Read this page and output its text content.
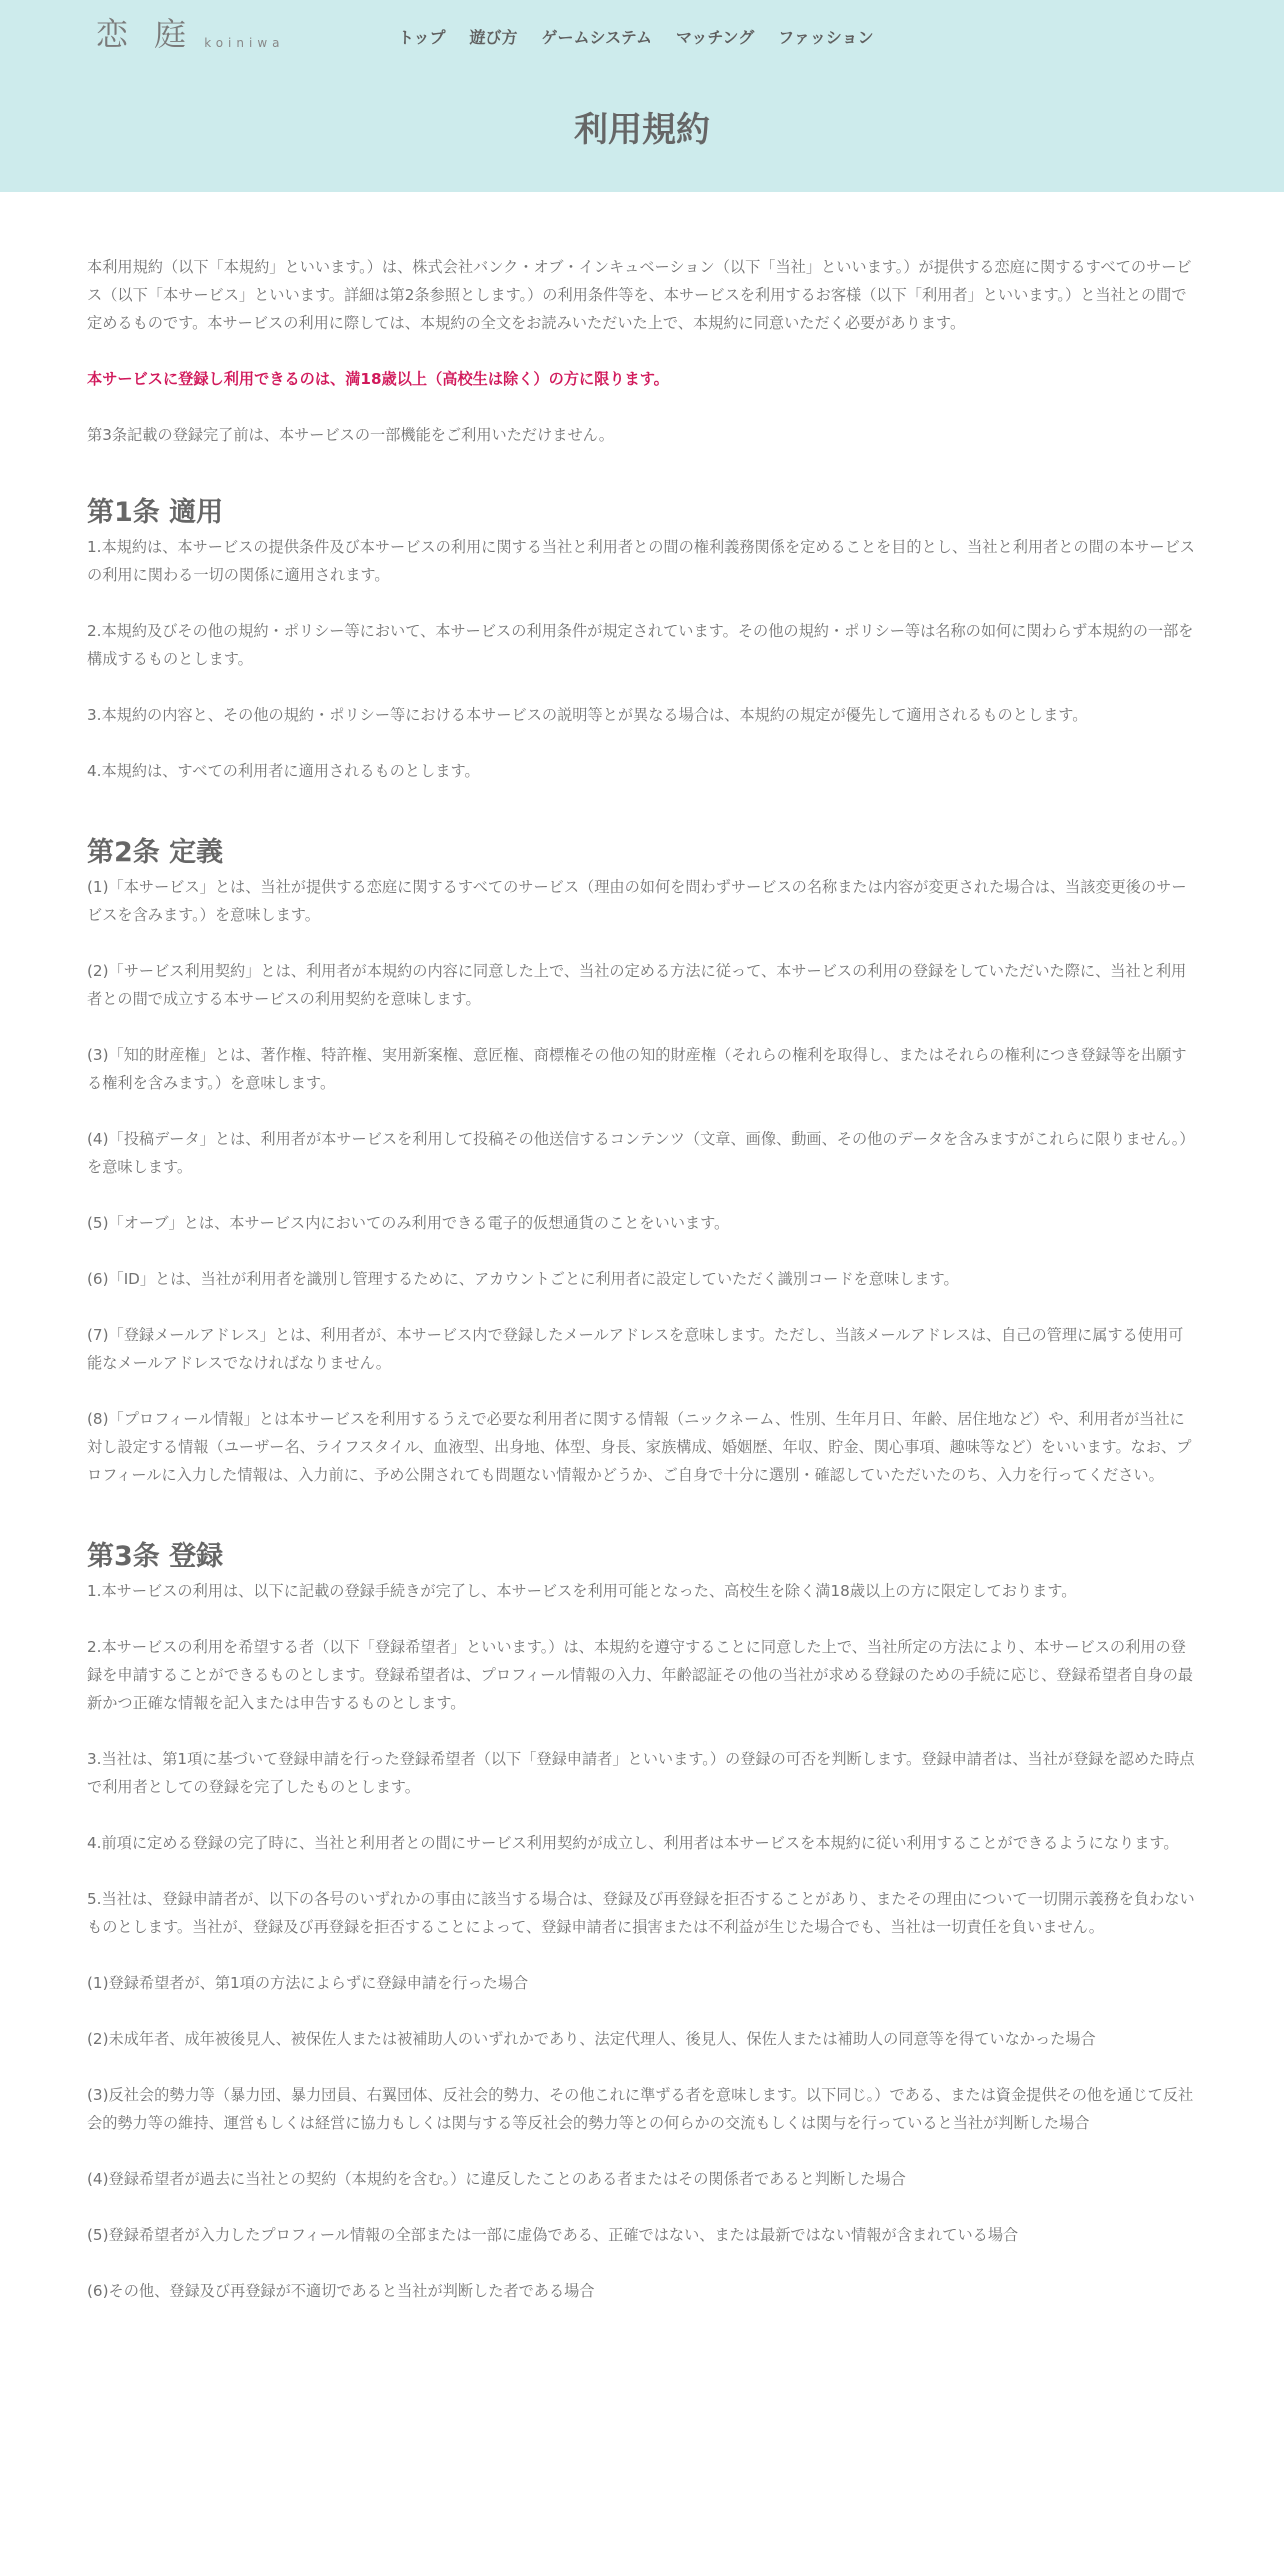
恋 庭 koiniwa	トップ 遊び方 ゲームシステム マッチング ファッション
利用規約

本利用規約（以下「本規約」といいます。）は、株式会社バンク・オブ・インキュベーション（以下「当社」といいます。）が提供する恋庭に関するすべてのサービス（以下「本サービス」といいます。詳細は第2条参照とします。）の利用条件等を、本サービスを利用するお客様（以下「利用者」といいます。）と当社との間で定めるものです。本サービスの利用に際しては、本規約の全文をお読みいただいた上で、本規約に同意いただく必要があります。

本サービスに登録し利用できるのは、満18歳以上（高校生は除く）の方に限ります。

第3条記載の登録完了前は、本サービスの一部機能をご利用いただけません。

第1条 適用

1.本規約は、本サービスの提供条件及び本サービスの利用に関する当社と利用者との間の権利義務関係を定めることを目的とし、当社と利用者との間の本サービスの利用に関わる一切の関係に適用されます。

2.本規約及びその他の規約・ポリシー等において、本サービスの利用条件が規定されています。その他の規約・ポリシー等は名称の如何に関わらず本規約の一部を構成するものとします。

3.本規約の内容と、その他の規約・ポリシー等における本サービスの説明等とが異なる場合は、本規約の規定が優先して適用されるものとします。

4.本規約は、すべての利用者に適用されるものとします。

第2条 定義

(1)「本サービス」とは、当社が提供する恋庭に関するすべてのサービス（理由の如何を問わずサービスの名称または内容が変更された場合は、当該変更後のサービスを含みます。）を意味します。

(2)「サービス利用契約」とは、利用者が本規約の内容に同意した上で、当社の定める方法に従って、本サービスの利用の登録をしていただいた際に、当社と利用者との間で成立する本サービスの利用契約を意味します。

(3)「知的財産権」とは、著作権、特許権、実用新案権、意匠権、商標権その他の知的財産権（それらの権利を取得し、またはそれらの権利につき登録等を出願する権利を含みます。）を意味します。

(4)「投稿データ」とは、利用者が本サービスを利用して投稿その他送信するコンテンツ（文章、画像、動画、その他のデータを含みますがこれらに限りません。）を意味します。

(5)「オーブ」とは、本サービス内においてのみ利用できる電子的仮想通貨のことをいいます。

(6)「ID」とは、当社が利用者を識別し管理するために、アカウントごとに利用者に設定していただく識別コードを意味します。

(7)「登録メールアドレス」とは、利用者が、本サービス内で登録したメールアドレスを意味します。ただし、当該メールアドレスは、自己の管理に属する使用可能なメールアドレスでなければなりません。

(8)「プロフィール情報」とは本サービスを利用するうえで必要な利用者に関する情報（ニックネーム、性別、生年月日、年齢、居住地など）や、利用者が当社に対し設定する情報（ユーザー名、ライフスタイル、血液型、出身地、体型、身長、家族構成、婚姻歴、年収、貯金、関心事項、趣味等など）をいいます。なお、プロフィールに入力した情報は、入力前に、予め公開されても問題ない情報かどうか、ご自身で十分に選別・確認していただいたのち、入力を行ってください。

第3条 登録

1.本サービスの利用は、以下に記載の登録手続きが完了し、本サービスを利用可能となった、高校生を除く満18歳以上の方に限定しております。

2.本サービスの利用を希望する者（以下「登録希望者」といいます。）は、本規約を遵守することに同意した上で、当社所定の方法により、本サービスの利用の登録を申請することができるものとします。登録希望者は、プロフィール情報の入力、年齢認証その他の当社が求める登録のための手続に応じ、登録希望者自身の最新かつ正確な情報を記入または申告するものとします。

3.当社は、第1項に基づいて登録申請を行った登録希望者（以下「登録申請者」といいます。）の登録の可否を判断します。登録申請者は、当社が登録を認めた時点で利用者としての登録を完了したものとします。

4.前項に定める登録の完了時に、当社と利用者との間にサービス利用契約が成立し、利用者は本サービスを本規約に従い利用することができるようになります。

5.当社は、登録申請者が、以下の各号のいずれかの事由に該当する場合は、登録及び再登録を拒否することがあり、またその理由について一切開示義務を負わないものとします。当社が、登録及び再登録を拒否することによって、登録申請者に損害または不利益が生じた場合でも、当社は一切責任を負いません。

(1)登録希望者が、第1項の方法によらずに登録申請を行った場合

(2)未成年者、成年被後見人、被保佐人または被補助人のいずれかであり、法定代理人、後見人、保佐人または補助人の同意等を得ていなかった場合

(3)反社会的勢力等（暴力団、暴力団員、右翼団体、反社会的勢力、その他これに準ずる者を意味します。以下同じ。）である、または資金提供その他を通じて反社会的勢力等の維持、運営もしくは経営に協力もしくは関与する等反社会的勢力等との何らかの交流もしくは関与を行っていると当社が判断した場合

(4)登録希望者が過去に当社との契約（本規約を含む。）に違反したことのある者またはその関係者であると判断した場合

(5)登録希望者が入力したプロフィール情報の全部または一部に虚偽である、正確ではない、または最新ではない情報が含まれている場合

(6)その他、登録及び再登録が不適切であると当社が判断した者である場合
